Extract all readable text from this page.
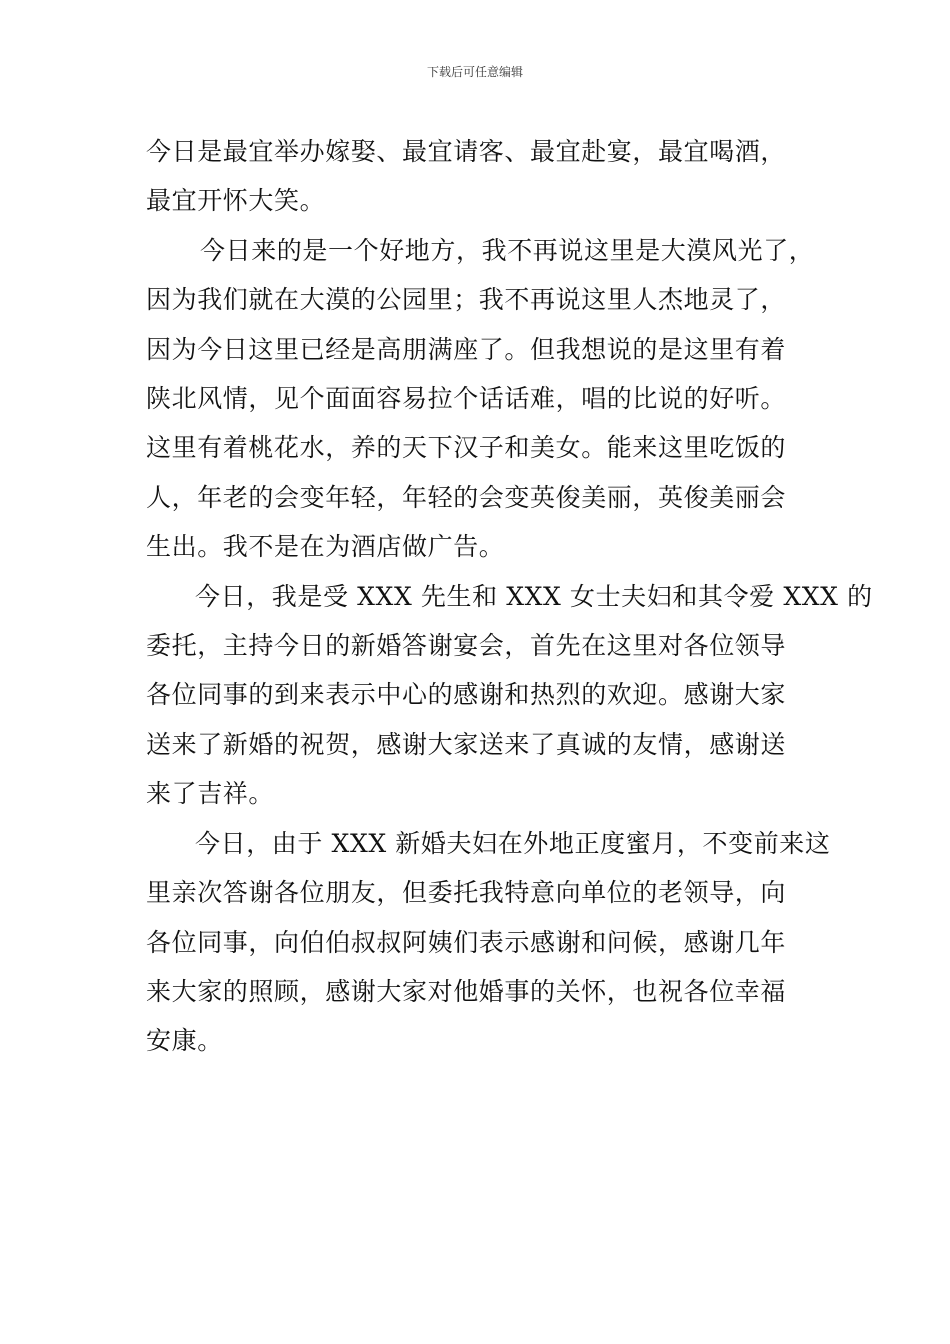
下载后可任意编辑

今日是最宜举办嫁娶、最宜请客、最宜赴宴，最宜喝酒，
最宜开怀大笑。

今日来的是一个好地方，我不再说这里是大漠风光了，
因为我们就在大漠的公园里；我不再说这里人杰地灵了，
因为今日这里已经是高朋满座了。但我想说的是这里有着
陕北风情，见个面面容易拉个话话难，唱的比说的好听。
这里有着桃花水，养的天下汉子和美女。能来这里吃饭的
人，年老的会变年轻，年轻的会变英俊美丽，英俊美丽会
生出。我不是在为酒店做广告。

今日，我是受 XXX 先生和 XXX 女士夫妇和其令爱 XXX 的
委托，主持今日的新婚答谢宴会，首先在这里对各位领导
各位同事的到来表示中心的感谢和热烈的欢迎。感谢大家
送来了新婚的祝贺，感谢大家送来了真诚的友情，感谢送
来了吉祥。

今日，由于 XXX 新婚夫妇在外地正度蜜月，不变前来这
里亲次答谢各位朋友，但委托我特意向单位的老领导，向
各位同事，向伯伯叔叔阿姨们表示感谢和问候，感谢几年
来大家的照顾，感谢大家对他婚事的关怀，也祝各位幸福
安康。
